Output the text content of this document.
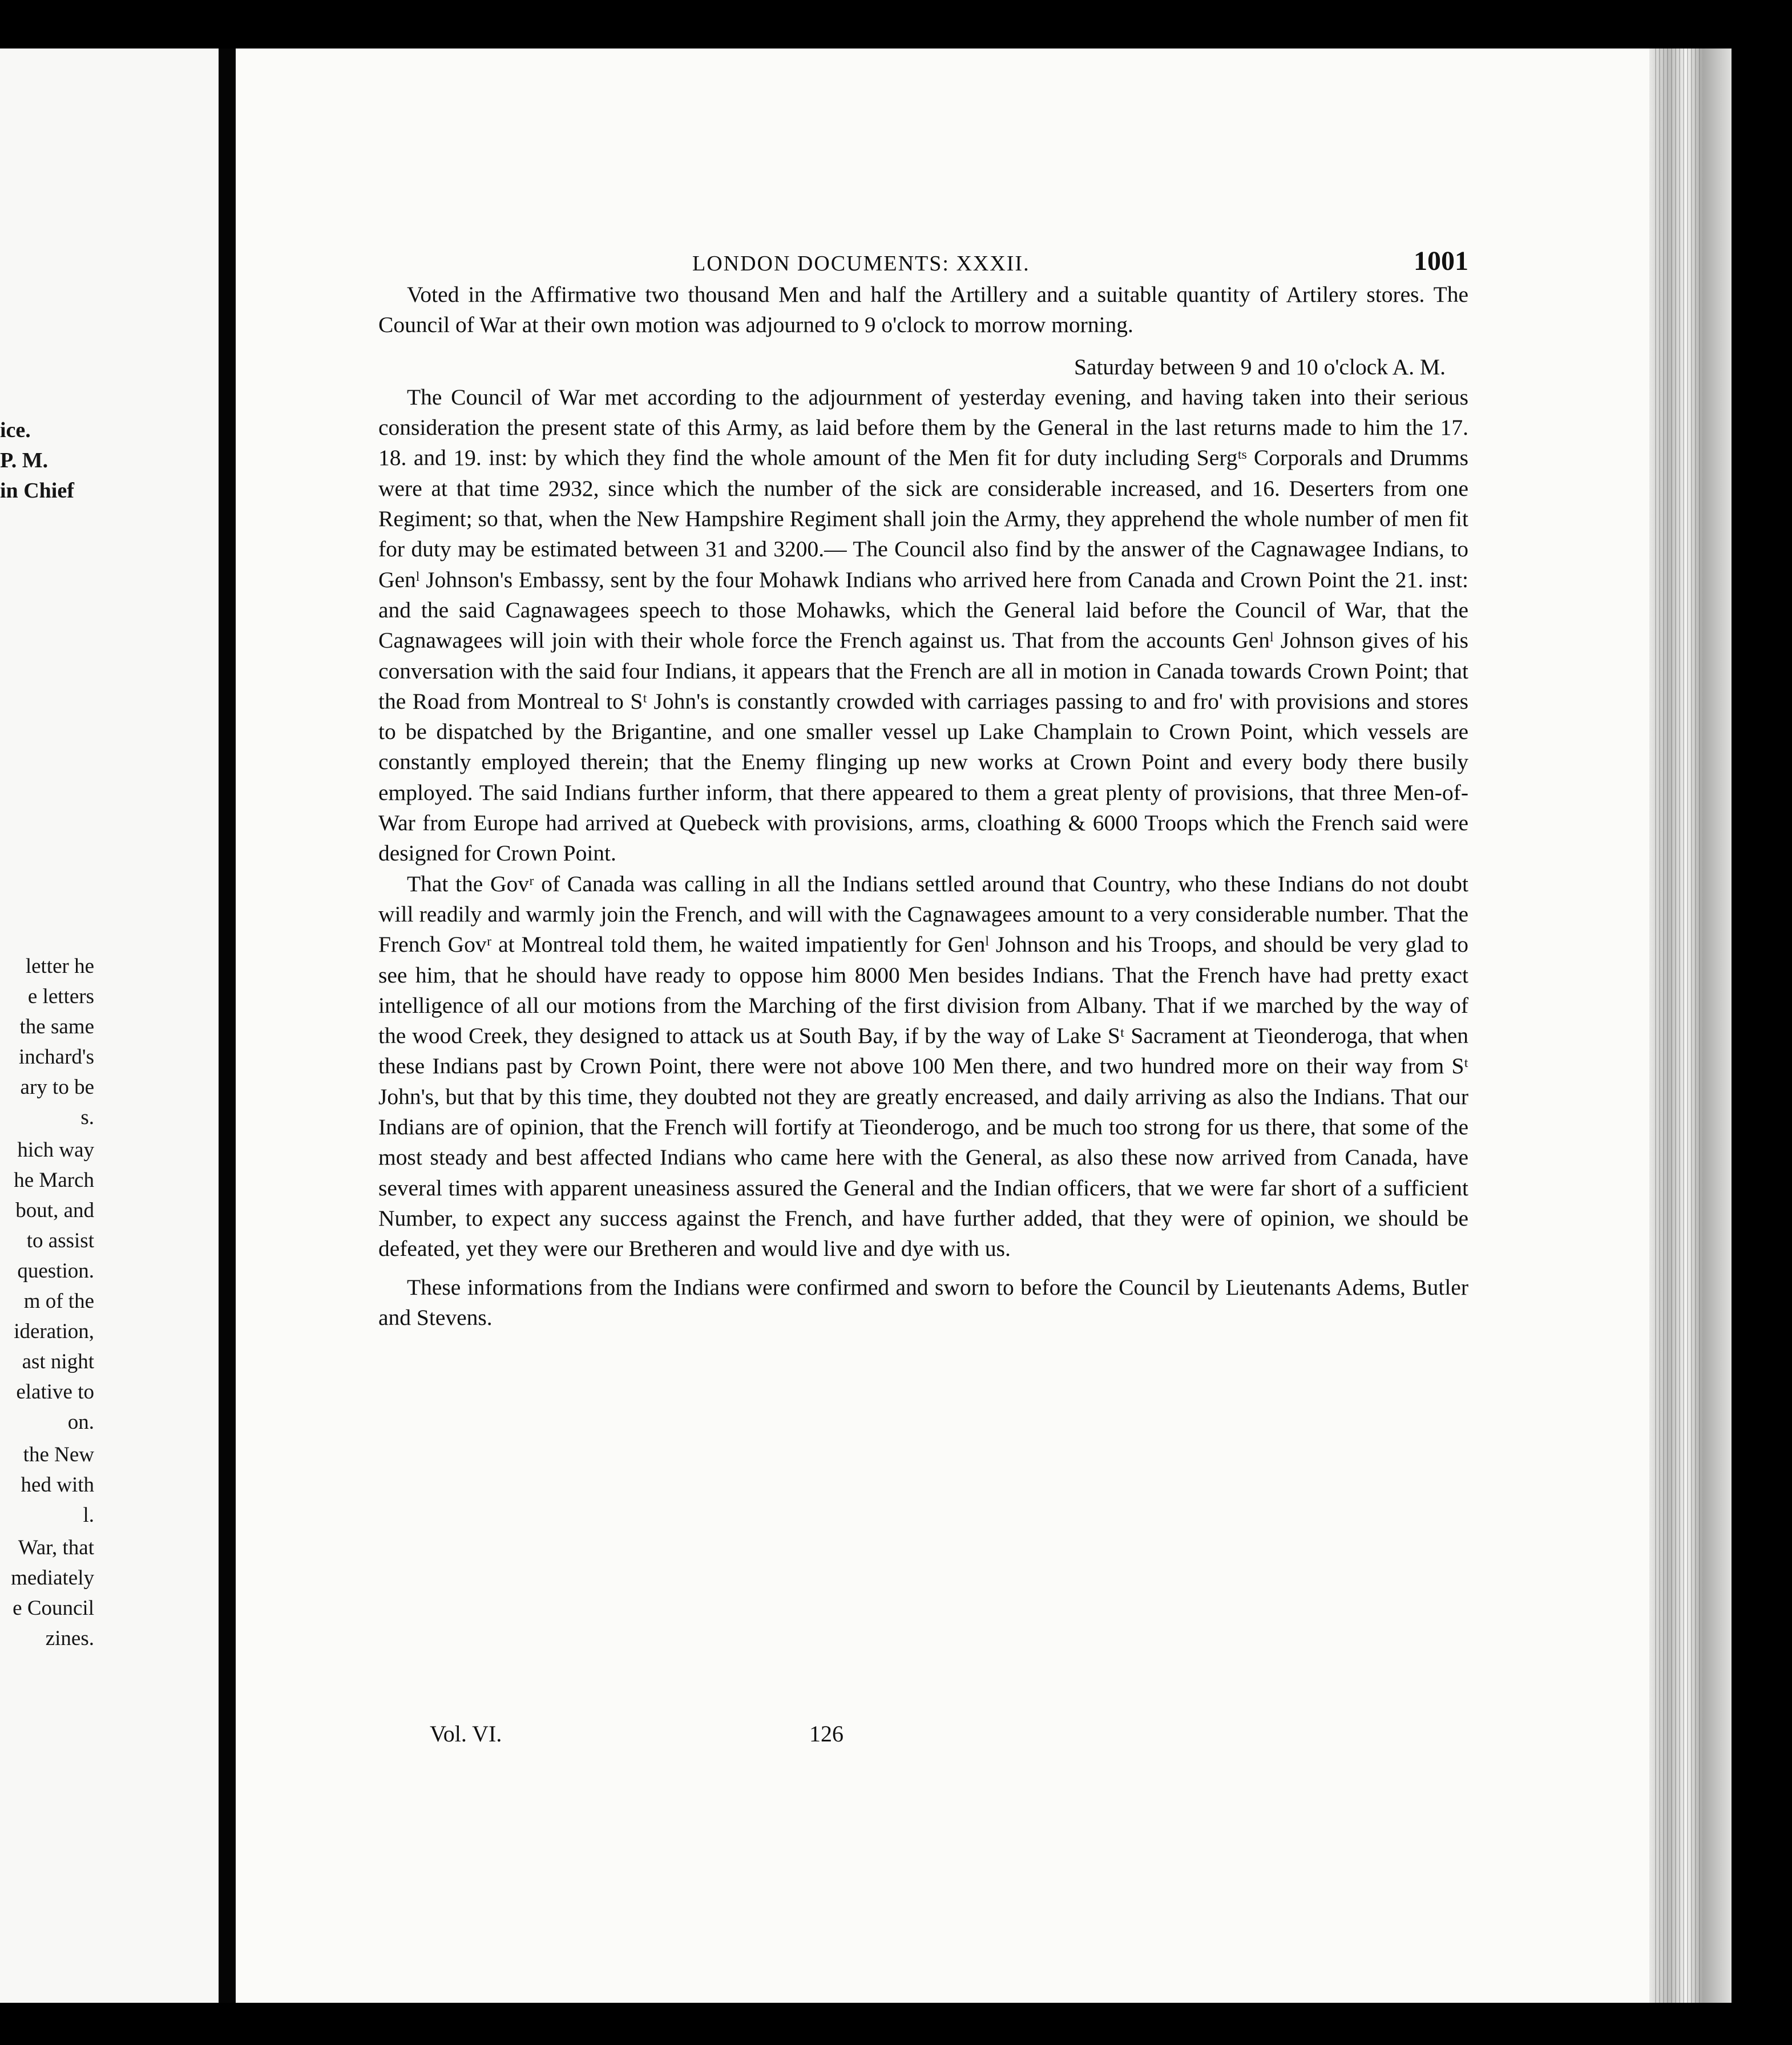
ice.
P. M.
in Chief
letter he
e letters
the same
inchard's
ary to be
s.
hich way
he March
bout, and
to assist
question.
m of the
ideration,
ast night
elative to
on.
the New
hed with
l.
War, that
mediately
e Council
zines.
LONDON DOCUMENTS: XXXII.	1001

Voted in the Affirmative two thousand Men and half the Artillery and a suitable quantity of Artilery stores. The Council of War at their own motion was adjourned to 9 o'clock to morrow morning.

Saturday between 9 and 10 o'clock A. M.

The Council of War met according to the adjournment of yesterday evening, and having taken into their serious consideration the present state of this Army, as laid before them by the General in the last returns made to him the 17. 18. and 19. inst: by which they find the whole amount of the Men fit for duty including Sergᵗˢ Corporals and Drumms were at that time 2932, since which the number of the sick are considerable increased, and 16. Deserters from one Regiment; so that, when the New Hampshire Regiment shall join the Army, they apprehend the whole number of men fit for duty may be estimated between 31 and 3200.— The Council also find by the answer of the Cagnawagee Indians, to Genˡ Johnson's Embassy, sent by the four Mohawk Indians who arrived here from Canada and Crown Point the 21. inst: and the said Cagnawagees speech to those Mohawks, which the General laid before the Council of War, that the Cagnawagees will join with their whole force the French against us. That from the accounts Genˡ Johnson gives of his conversation with the said four Indians, it appears that the French are all in motion in Canada towards Crown Point; that the Road from Montreal to Sᵗ John's is constantly crowded with carriages passing to and fro' with provisions and stores to be dispatched by the Brigantine, and one smaller vessel up Lake Champlain to Crown Point, which vessels are constantly employed therein; that the Enemy flinging up new works at Crown Point and every body there busily employed. The said Indians further inform, that there appeared to them a great plenty of provisions, that three Men-of-War from Europe had arrived at Quebeck with provisions, arms, cloathing & 6000 Troops which the French said were designed for Crown Point.

That the Govʳ of Canada was calling in all the Indians settled around that Country, who these Indians do not doubt will readily and warmly join the French, and will with the Cagnawagees amount to a very considerable number. That the French Govʳ at Montreal told them, he waited impatiently for Genˡ Johnson and his Troops, and should be very glad to see him, that he should have ready to oppose him 8000 Men besides Indians. That the French have had pretty exact intelligence of all our motions from the Marching of the first division from Albany. That if we marched by the way of the wood Creek, they designed to attack us at South Bay, if by the way of Lake Sᵗ Sacrament at Tieonderoga, that when these Indians past by Crown Point, there were not above 100 Men there, and two hundred more on their way from Sᵗ John's, but that by this time, they doubted not they are greatly encreased, and daily arriving as also the Indians. That our Indians are of opinion, that the French will fortify at Tieonderogo, and be much too strong for us there, that some of the most steady and best affected Indians who came here with the General, as also these now arrived from Canada, have several times with apparent uneasiness assured the General and the Indian officers, that we were far short of a sufficient Number, to expect any success against the French, and have further added, that they were of opinion, we should be defeated, yet they were our Bretheren and would live and dye with us.

These informations from the Indians were confirmed and sworn to before the Council by Lieutenants Adems, Butler and Stevens.

Vol. VI.	126
